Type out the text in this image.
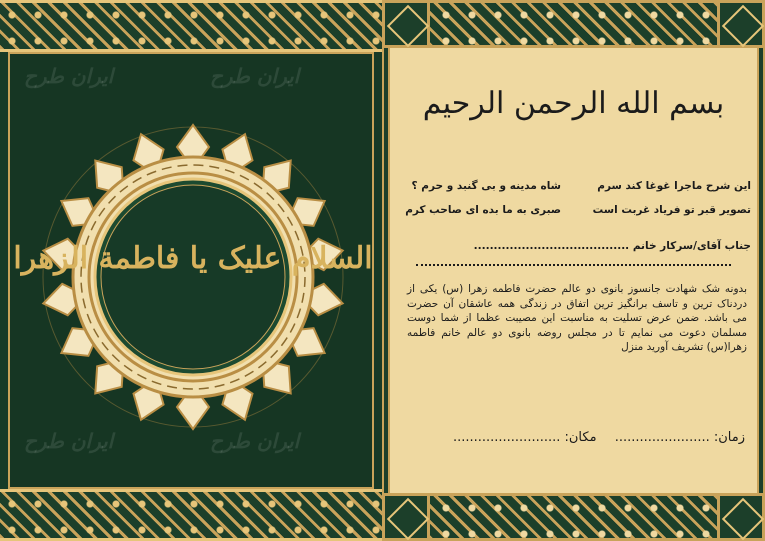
ایران طرح	ایران طرح
ایران طرح	ایران طرح
السلام علیک یا فاطمة الزهرا
بسم الله الرحمن الرحیم
این شرح ماجرا غوغا کند سرم
شاه مدینه و بی گنبد و حرم ؟
تصویر قبر تو فریاد غربت است
صبری به ما بده ای صاحب کرم
جناب آقای/سرکار خانم .......................................
بدونه شک شهادت جانسوز بانوی دو عالم حضرت فاطمه زهرا (س) یکی از دردناک ترین و تاسف برانگیز ترین اتفاق در زندگی همه عاشقان آن حضرت می باشد. ضمن عرض تسلیت به مناسبت این مصیبت عظما از شما دوست مسلمان دعوت می نمایم تا در مجلس روضه بانوی دو عالم خانم فاطمه زهرا(س) تشریف آورید منزل
زمان: ....................... مکان: ..........................
